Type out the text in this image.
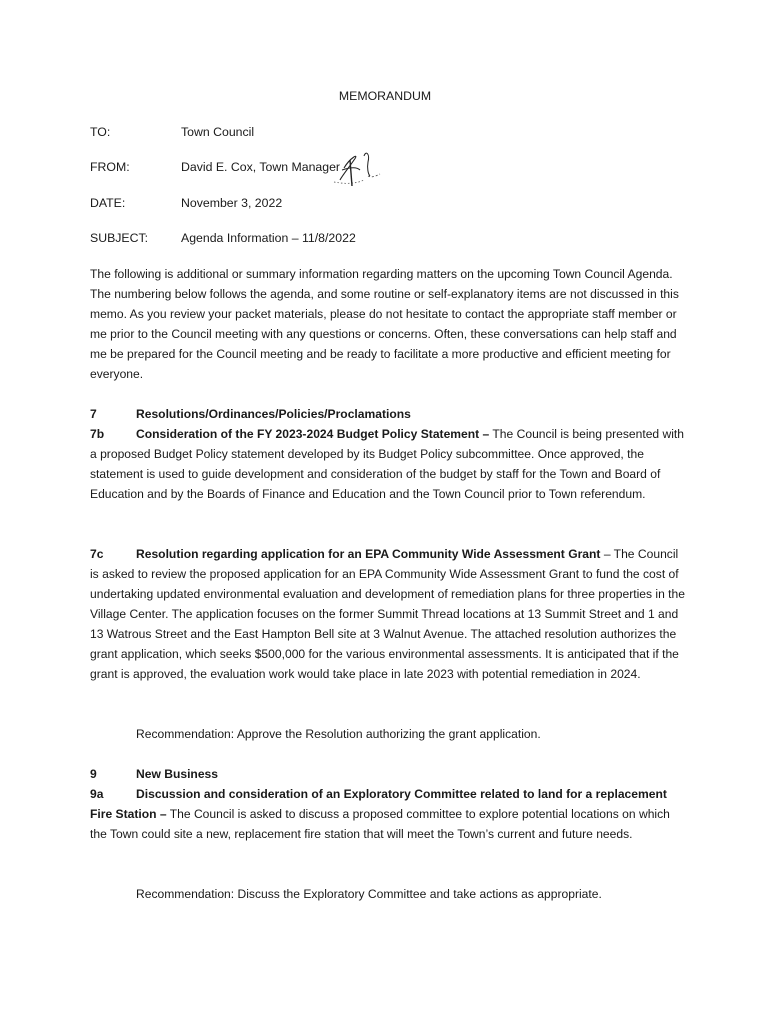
MEMORANDUM
TO:	Town Council
FROM:	David E. Cox, Town Manager
DATE:	November 3, 2022
SUBJECT:	Agenda Information – 11/8/2022

The following is additional or summary information regarding matters on the upcoming Town Council Agenda. The numbering below follows the agenda, and some routine or self-explanatory items are not discussed in this memo. As you review your packet materials, please do not hesitate to contact the appropriate staff member or me prior to the Council meeting with any questions or concerns. Often, these conversations can help staff and me be prepared for the Council meeting and be ready to facilitate a more productive and efficient meeting for everyone.

7	Resolutions/Ordinances/Policies/Proclamations

7b	Consideration of the FY 2023-2024 Budget Policy Statement – The Council is being presented with a proposed Budget Policy statement developed by its Budget Policy subcommittee. Once approved, the statement is used to guide development and consideration of the budget by staff for the Town and Board of Education and by the Boards of Finance and Education and the Town Council prior to Town referendum.

7c	Resolution regarding application for an EPA Community Wide Assessment Grant – The Council is asked to review the proposed application for an EPA Community Wide Assessment Grant to fund the cost of undertaking updated environmental evaluation and development of remediation plans for three properties in the Village Center. The application focuses on the former Summit Thread locations at 13 Summit Street and 1 and 13 Watrous Street and the East Hampton Bell site at 3 Walnut Avenue. The attached resolution authorizes the grant application, which seeks $500,000 for the various environmental assessments. It is anticipated that if the grant is approved, the evaluation work would take place in late 2023 with potential remediation in 2024.

Recommendation: Approve the Resolution authorizing the grant application.
9	New Business

9a	Discussion and consideration of an Exploratory Committee related to land for a replacement Fire Station – The Council is asked to discuss a proposed committee to explore potential locations on which the Town could site a new, replacement fire station that will meet the Town’s current and future needs.

Recommendation: Discuss the Exploratory Committee and take actions as appropriate.
